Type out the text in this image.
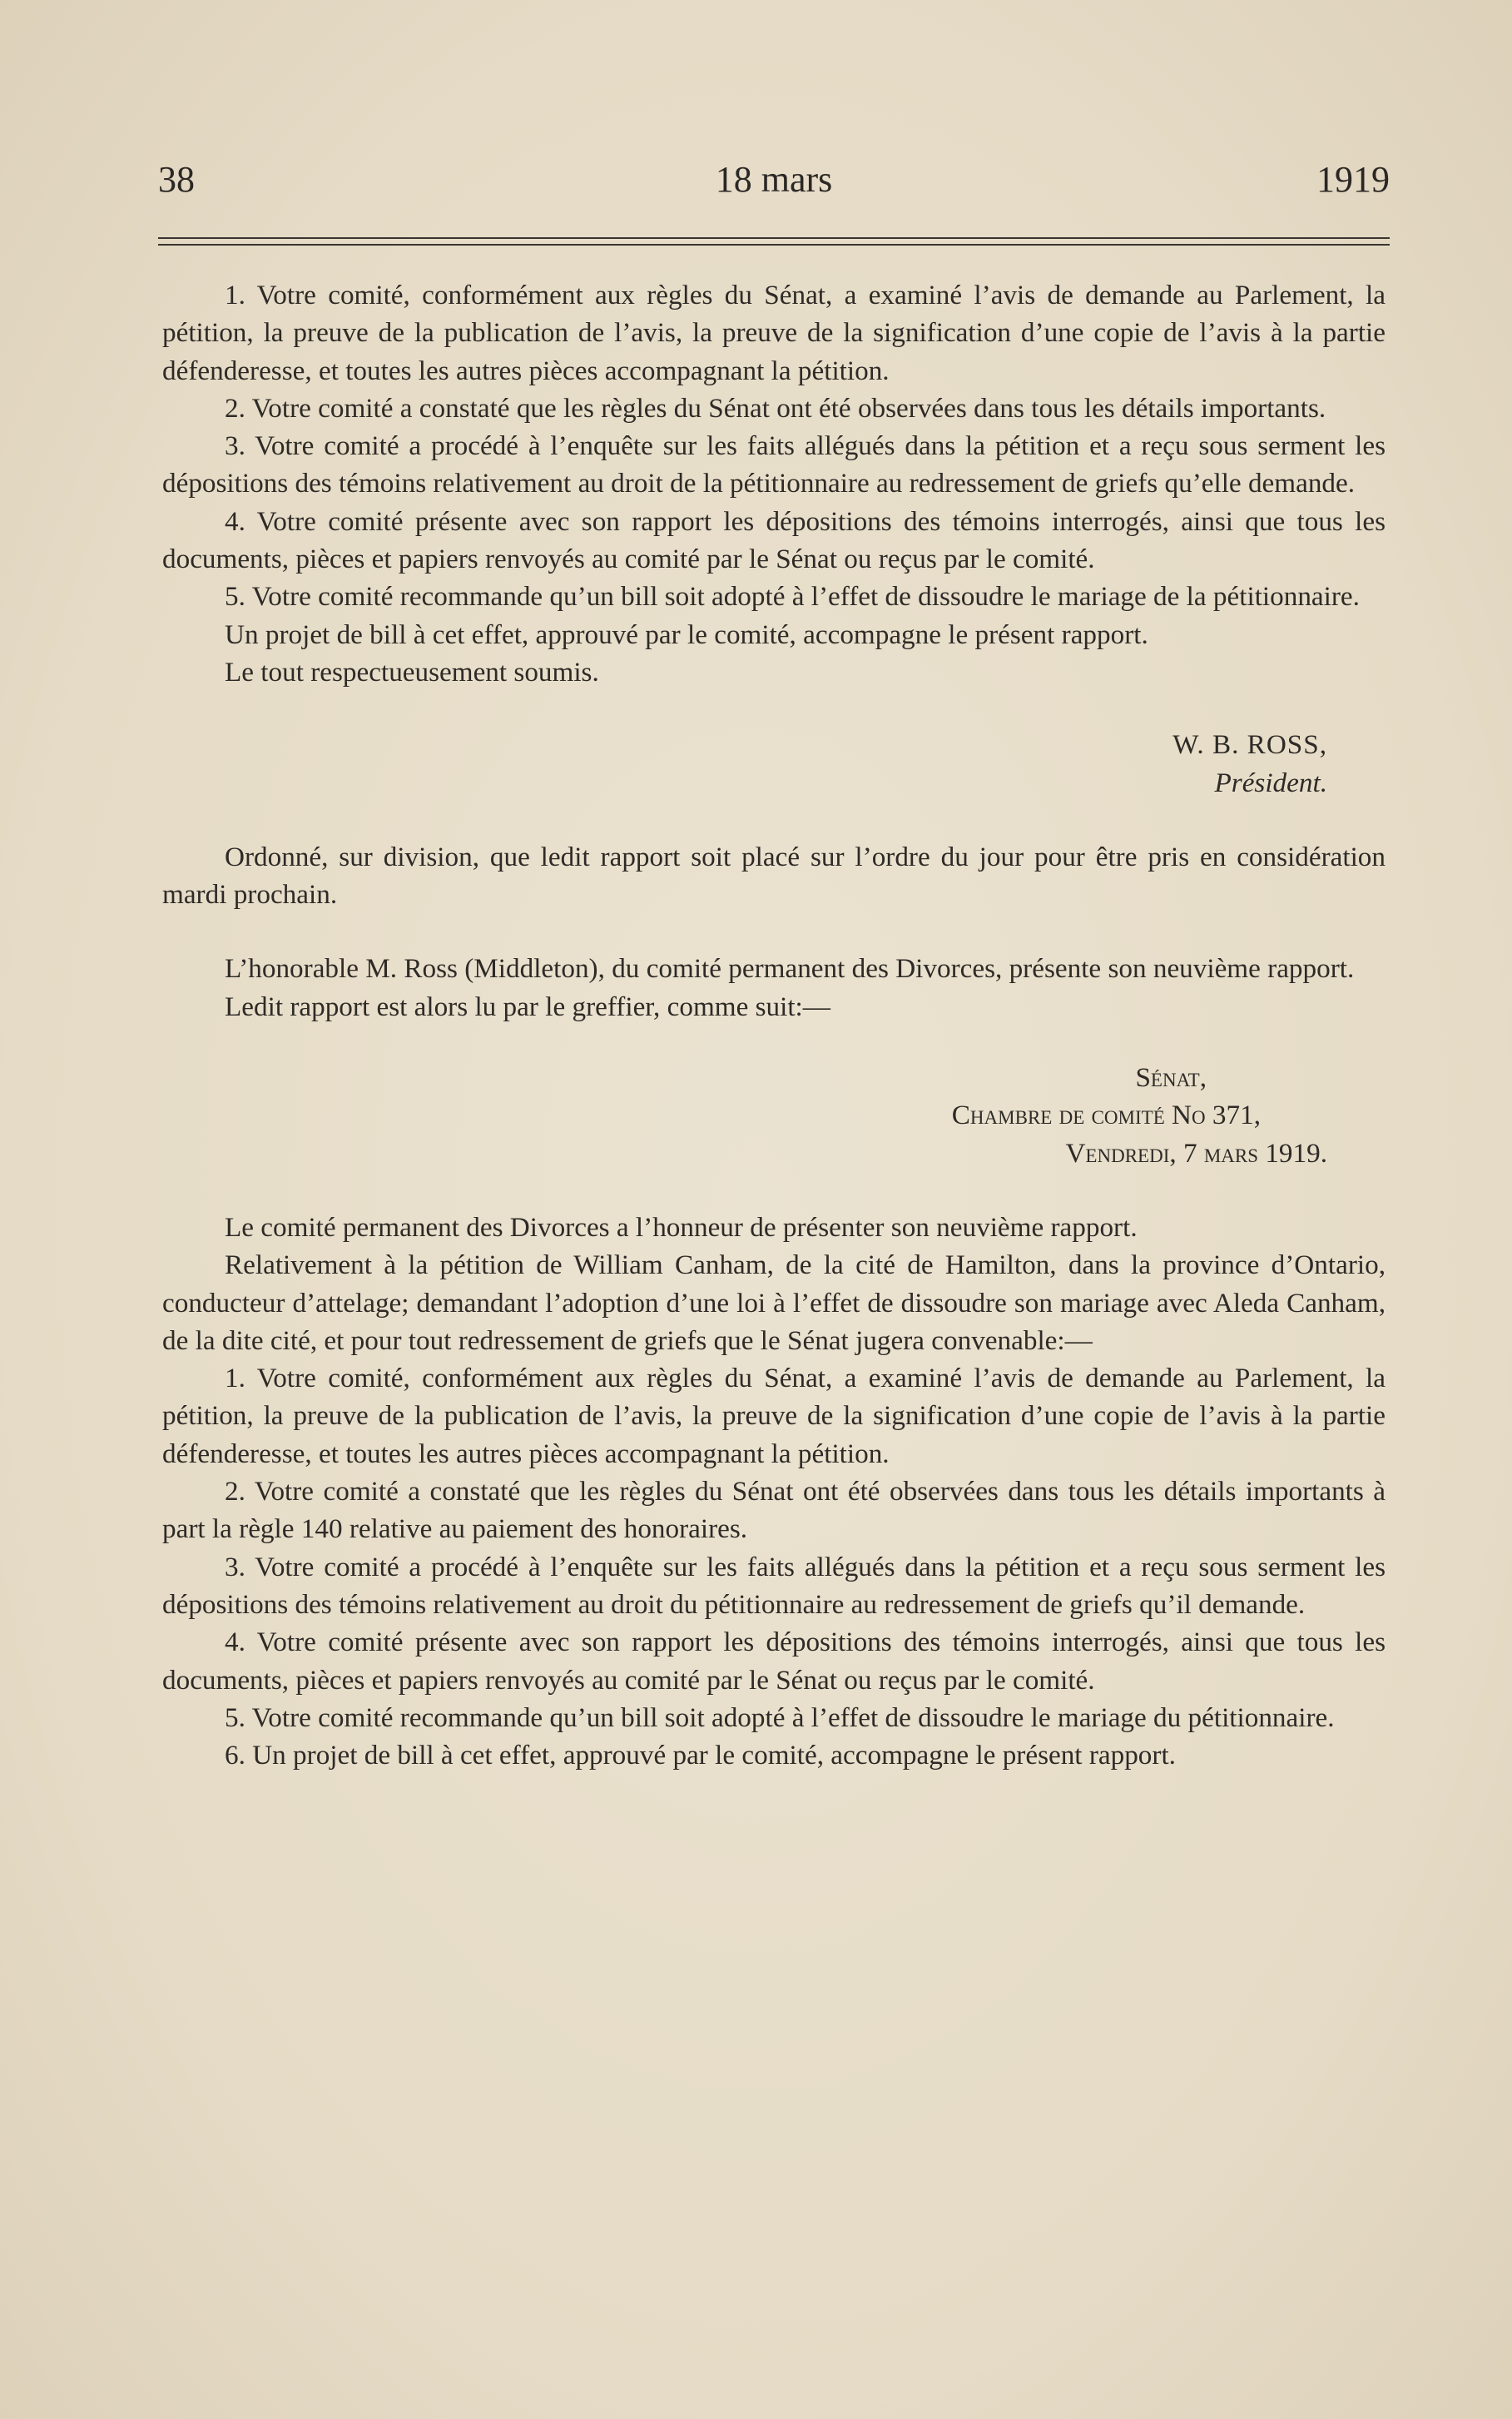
38	18 mars	1919

1. Votre comité, conformément aux règles du Sénat, a examiné l’avis de demande au Parlement, la pétition, la preuve de la publication de l’avis, la preuve de la signification d’une copie de l’avis à la partie défenderesse, et toutes les autres pièces accompagnant la pétition.

2. Votre comité a constaté que les règles du Sénat ont été observées dans tous les détails importants.

3. Votre comité a procédé à l’enquête sur les faits allégués dans la pétition et a reçu sous serment les dépositions des témoins relativement au droit de la pétitionnaire au redressement de griefs qu’elle demande.

4. Votre comité présente avec son rapport les dépositions des témoins interrogés, ainsi que tous les documents, pièces et papiers renvoyés au comité par le Sénat ou reçus par le comité.

5. Votre comité recommande qu’un bill soit adopté à l’effet de dissoudre le mariage de la pétitionnaire.

Un projet de bill à cet effet, approuvé par le comité, accompagne le présent rapport.

Le tout respectueusement soumis.

W. B. ROSS,
Président.

Ordonné, sur division, que ledit rapport soit placé sur l’ordre du jour pour être pris en considération mardi prochain.

L’honorable M. Ross (Middleton), du comité permanent des Divorces, présente son neuvième rapport.

Ledit rapport est alors lu par le greffier, comme suit:—

Sénat,

Chambre de comité No 371,

Vendredi, 7 mars 1919.

Le comité permanent des Divorces a l’honneur de présenter son neuvième rapport.

Relativement à la pétition de William Canham, de la cité de Hamilton, dans la province d’Ontario, conducteur d’attelage; demandant l’adoption d’une loi à l’effet de dissoudre son mariage avec Aleda Canham, de la dite cité, et pour tout redressement de griefs que le Sénat jugera convenable:—

1. Votre comité, conformément aux règles du Sénat, a examiné l’avis de demande au Parlement, la pétition, la preuve de la publication de l’avis, la preuve de la signification d’une copie de l’avis à la partie défenderesse, et toutes les autres pièces accompagnant la pétition.

2. Votre comité a constaté que les règles du Sénat ont été observées dans tous les détails importants à part la règle 140 relative au paiement des honoraires.

3. Votre comité a procédé à l’enquête sur les faits allégués dans la pétition et a reçu sous serment les dépositions des témoins relativement au droit du pétitionnaire au redressement de griefs qu’il demande.

4. Votre comité présente avec son rapport les dépositions des témoins interrogés, ainsi que tous les documents, pièces et papiers renvoyés au comité par le Sénat ou reçus par le comité.

5. Votre comité recommande qu’un bill soit adopté à l’effet de dissoudre le mariage du pétitionnaire.

6. Un projet de bill à cet effet, approuvé par le comité, accompagne le présent rapport.
